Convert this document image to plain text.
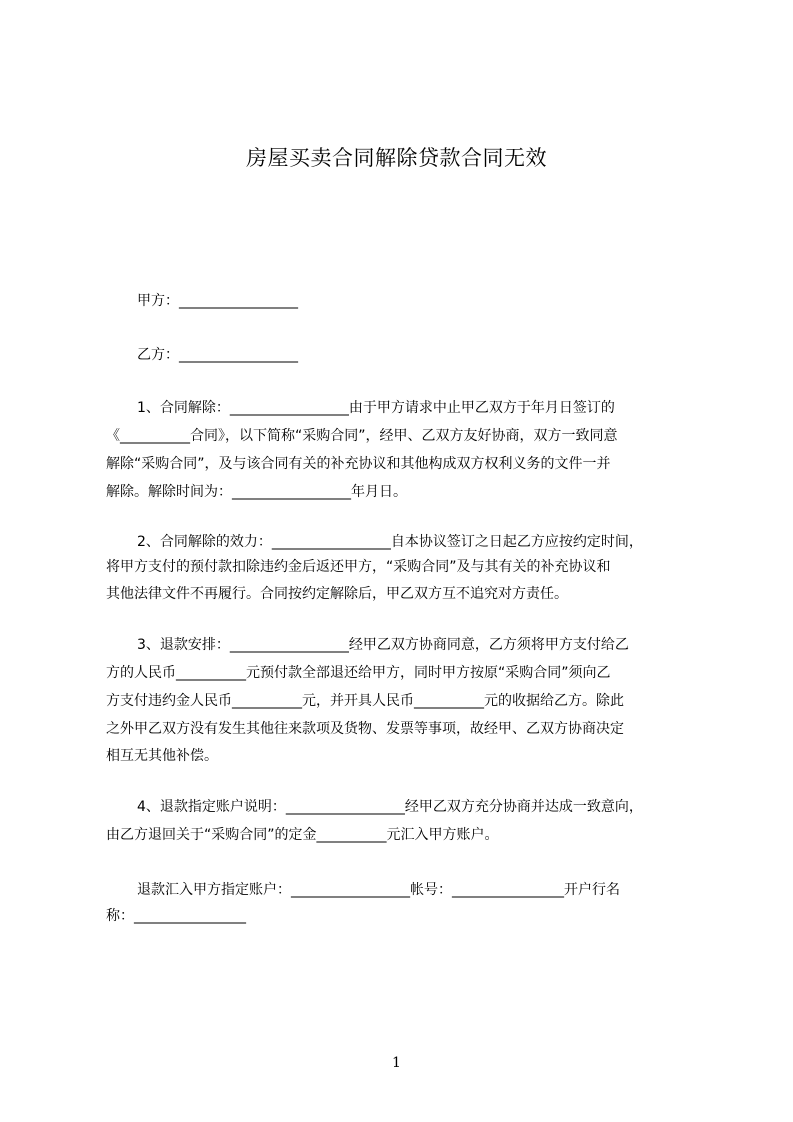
房屋买卖合同解除贷款合同无效
甲方：_________________
乙方：_________________
1、合同解除：_________________由于甲方请求中止甲乙双方于年月日签订的
《__________合同》，以下简称“采购合同”，经甲、乙双方友好协商，双方一致同意
解除“采购合同”，及与该合同有关的补充协议和其他构成双方权利义务的文件一并
解除。解除时间为：_________________年月日。
2、合同解除的效力：_________________自本协议签订之日起乙方应按约定时间，
将甲方支付的预付款扣除违约金后返还甲方，“采购合同”及与其有关的补充协议和
其他法律文件不再履行。合同按约定解除后，甲乙双方互不追究对方责任。
3、退款安排：_________________经甲乙双方协商同意，乙方须将甲方支付给乙
方的人民币__________元预付款全部退还给甲方，同时甲方按原“采购合同”须向乙
方支付违约金人民币__________元，并开具人民币__________元的收据给乙方。除此
之外甲乙双方没有发生其他往来款项及货物、发票等事项，故经甲、乙双方协商决定
相互无其他补偿。
4、退款指定账户说明：_________________经甲乙双方充分协商并达成一致意向，
由乙方退回关于“采购合同”的定金__________元汇入甲方账户。
退款汇入甲方指定账户：_________________帐号：________________开户行名
称：________________
1
